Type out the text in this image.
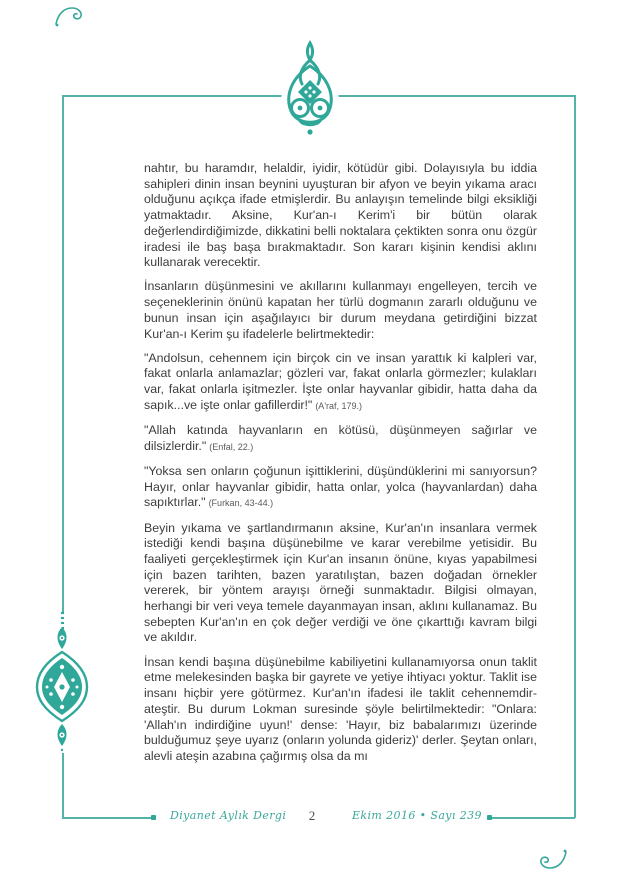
nahtır, bu haramdır, helaldir, iyidir, kötüdür gibi. Dolayısıyla bu iddia sahipleri dinin insan beynini uyuşturan bir afyon ve beyin yıkama aracı olduğunu açıkça ifade etmişlerdir. Bu anlayışın temelinde bilgi eksikliği yatmaktadır. Aksine, Kur'an-ı Kerim'i bir bütün olarak değerlendirdiğimizde, dikkatini belli noktalara çektikten sonra onu özgür iradesi ile baş başa bırakmaktadır. Son kararı kişinin kendisi aklını kullanarak verecektir.

İnsanların düşünmesini ve akıllarını kullanmayı engelleyen, tercih ve seçeneklerinin önünü kapatan her türlü dogmanın zararlı olduğunu ve bunun insan için aşağılayıcı bir durum meydana getirdiğini bizzat Kur'an-ı Kerim şu ifadelerle belirtmektedir:

"Andolsun, cehennem için birçok cin ve insan yarattık ki kalpleri var, fakat onlarla anlamazlar; gözleri var, fakat onlarla görmezler; kulakları var, fakat onlarla işitmezler. İşte onlar hayvanlar gibidir, hatta daha da sapık...ve işte onlar gafillerdir!" (A'raf, 179.)

"Allah katında hayvanların en kötüsü, düşünmeyen sağırlar ve dilsizlerdir." (Enfal, 22.)

"Yoksa sen onların çoğunun işittiklerini, düşündüklerini mi sanıyorsun? Hayır, onlar hayvanlar gibidir, hatta onlar, yolca (hayvanlardan) daha sapıktırlar." (Furkan, 43-44.)

Beyin yıkama ve şartlandırmanın aksine, Kur'an'ın insanlara vermek istediği kendi başına düşünebilme ve karar verebilme yetisidir. Bu faaliyeti gerçekleştirmek için Kur'an insanın önüne, kıyas yapabilmesi için bazen tarihten, bazen yaratılıştan, bazen doğadan örnekler vererek, bir yöntem arayışı örneği sunmaktadır. Bilgisi olmayan, herhangi bir veri veya temele dayanmayan insan, aklını kullanamaz. Bu sebepten Kur'an'ın en çok değer verdiği ve öne çıkarttığı kavram bilgi ve akıldır.

İnsan kendi başına düşünebilme kabiliyetini kullanamıyorsa onun taklit etme melekesinden başka bir gayrete ve yetiye ihtiyacı yoktur. Taklit ise insanı hiçbir yere götürmez. Kur'an'ın ifadesi ile taklit cehennemdir-ateştir. Bu durum Lokman suresinde şöyle belirtilmektedir: "Onlara: 'Allah'ın indirdiğine uyun!' dense: 'Hayır, biz babalarımızı üzerinde bulduğumuz şeye uyarız (onların yolunda gideriz)' derler. Şeytan onları, alevli ateşin azabına çağırmış olsa da mı

Diyanet Aylık Dergi	2	Ekim 2016 • Sayı 239
